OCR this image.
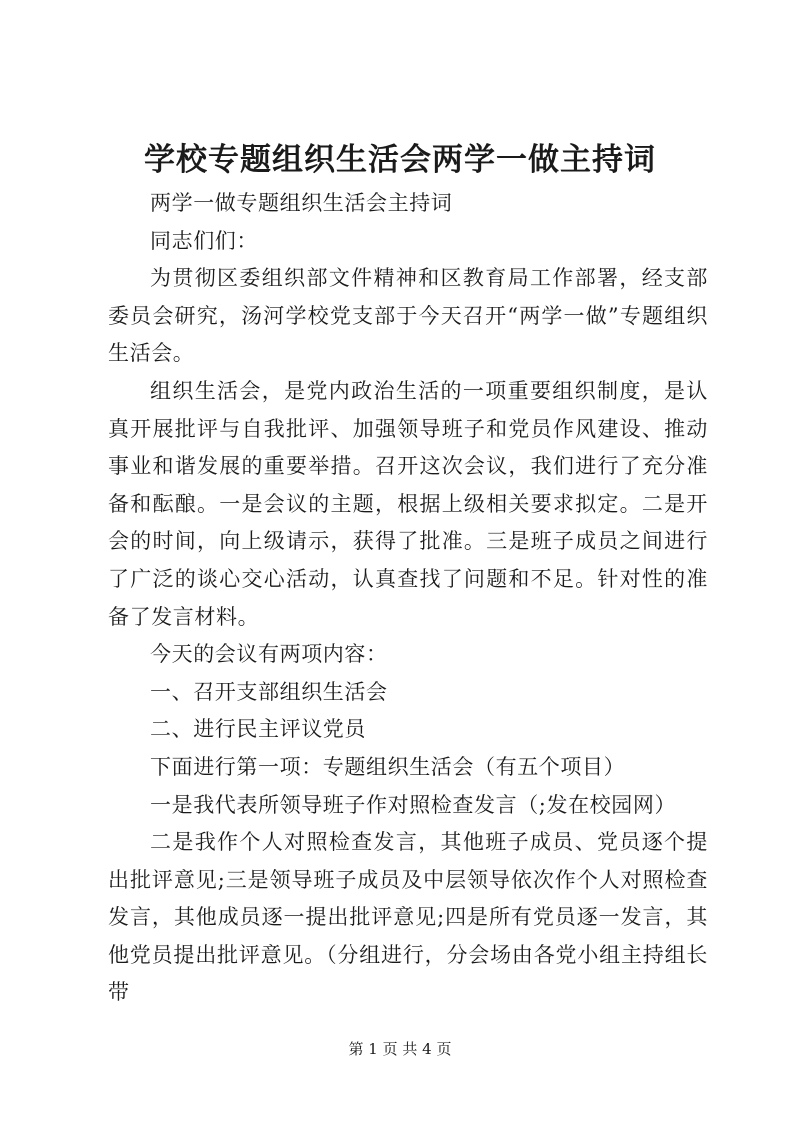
学校专题组织生活会两学一做主持词

两学一做专题组织生活会主持词

同志们们：

为贯彻区委组织部文件精神和区教育局工作部署，经支部委员会研究，汤河学校党支部于今天召开“两学一做”专题组织生活会。

组织生活会，是党内政治生活的一项重要组织制度，是认真开展批评与自我批评、加强领导班子和党员作风建设、推动事业和谐发展的重要举措。召开这次会议，我们进行了充分准备和酝酿。一是会议的主题，根据上级相关要求拟定。二是开会的时间，向上级请示，获得了批准。三是班子成员之间进行了广泛的谈心交心活动，认真查找了问题和不足。针对性的准备了发言材料。

今天的会议有两项内容：

一、召开支部组织生活会

二、进行民主评议党员

下面进行第一项：专题组织生活会（有五个项目）

一是我代表所领导班子作对照检查发言（;发在校园网）

二是我作个人对照检查发言，其他班子成员、党员逐个提出批评意见;三是领导班子成员及中层领导依次作个人对照检查发言，其他成员逐一提出批评意见;四是所有党员逐一发言，其他党员提出批评意见。（分组进行，分会场由各党小组主持组长带

第 1 页 共 4 页
